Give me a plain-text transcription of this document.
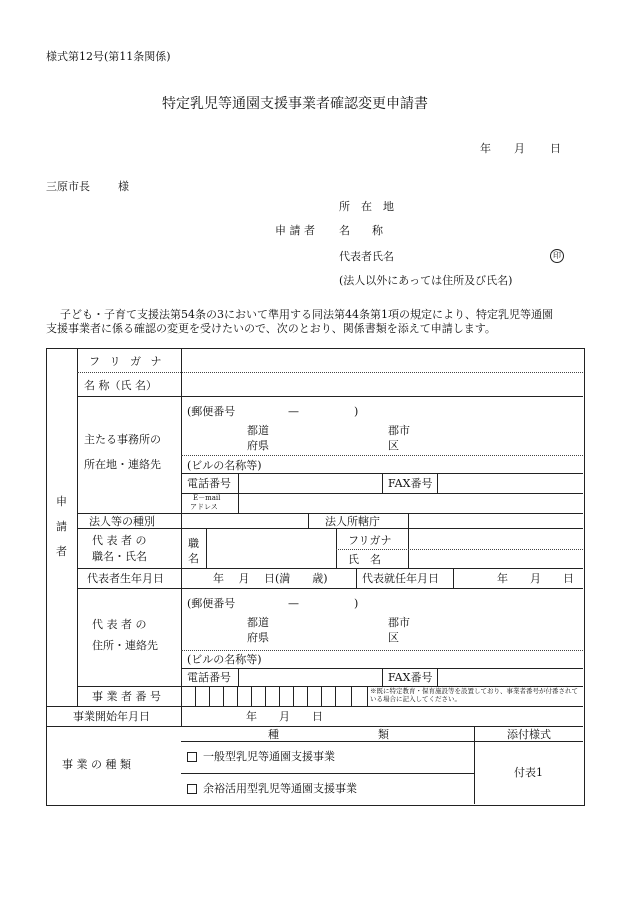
様式第12号(第11条関係)
特定乳児等通園支援事業者確認変更申請書
年 月 日
三原市長	様
所　在　地
申 請 者 名　　称
代表者氏名	印
(法人以外にあっては住所及び氏名)
子ども・子育て支援法第54条の3において準用する同法第44条第1項の規定により、特定乳児等通園
支援事業者に係る確認の変更を受けたいので、次のとおり、関係書類を添えて申請します。
申
請
者
フ リ ガ ナ
名 称（氏 名）
主たる事務所の
所在地・連絡先
(郵便番号	—	)
都道
府県
郡市
区
(ビルの名称等)
電話番号	FAX番号
E－mail
アドレス
法人等の種別	法人所轄庁
代 表 者 の
職名・氏名
職
名
フリガナ
氏　名
代表者生年月日	年　 月　 日(満　　歳)	代表就任年月日	年　　月　　日
代 表 者 の
住所・連絡先
(郵便番号	—	)
都道
府県
郡市
区
(ビルの名称等)
電話番号	FAX番号
事 業 者 番 号	※既に特定教育・保育施設等を設置しており、事業者番号が付番されている場合に記入してください。
事業開始年月日	年　　月　　日
事 業 の 種 類
種　　　　　　　　　類	添付様式
一般型乳児等通園支援事業
余裕活用型乳児等通園支援事業
付表1
